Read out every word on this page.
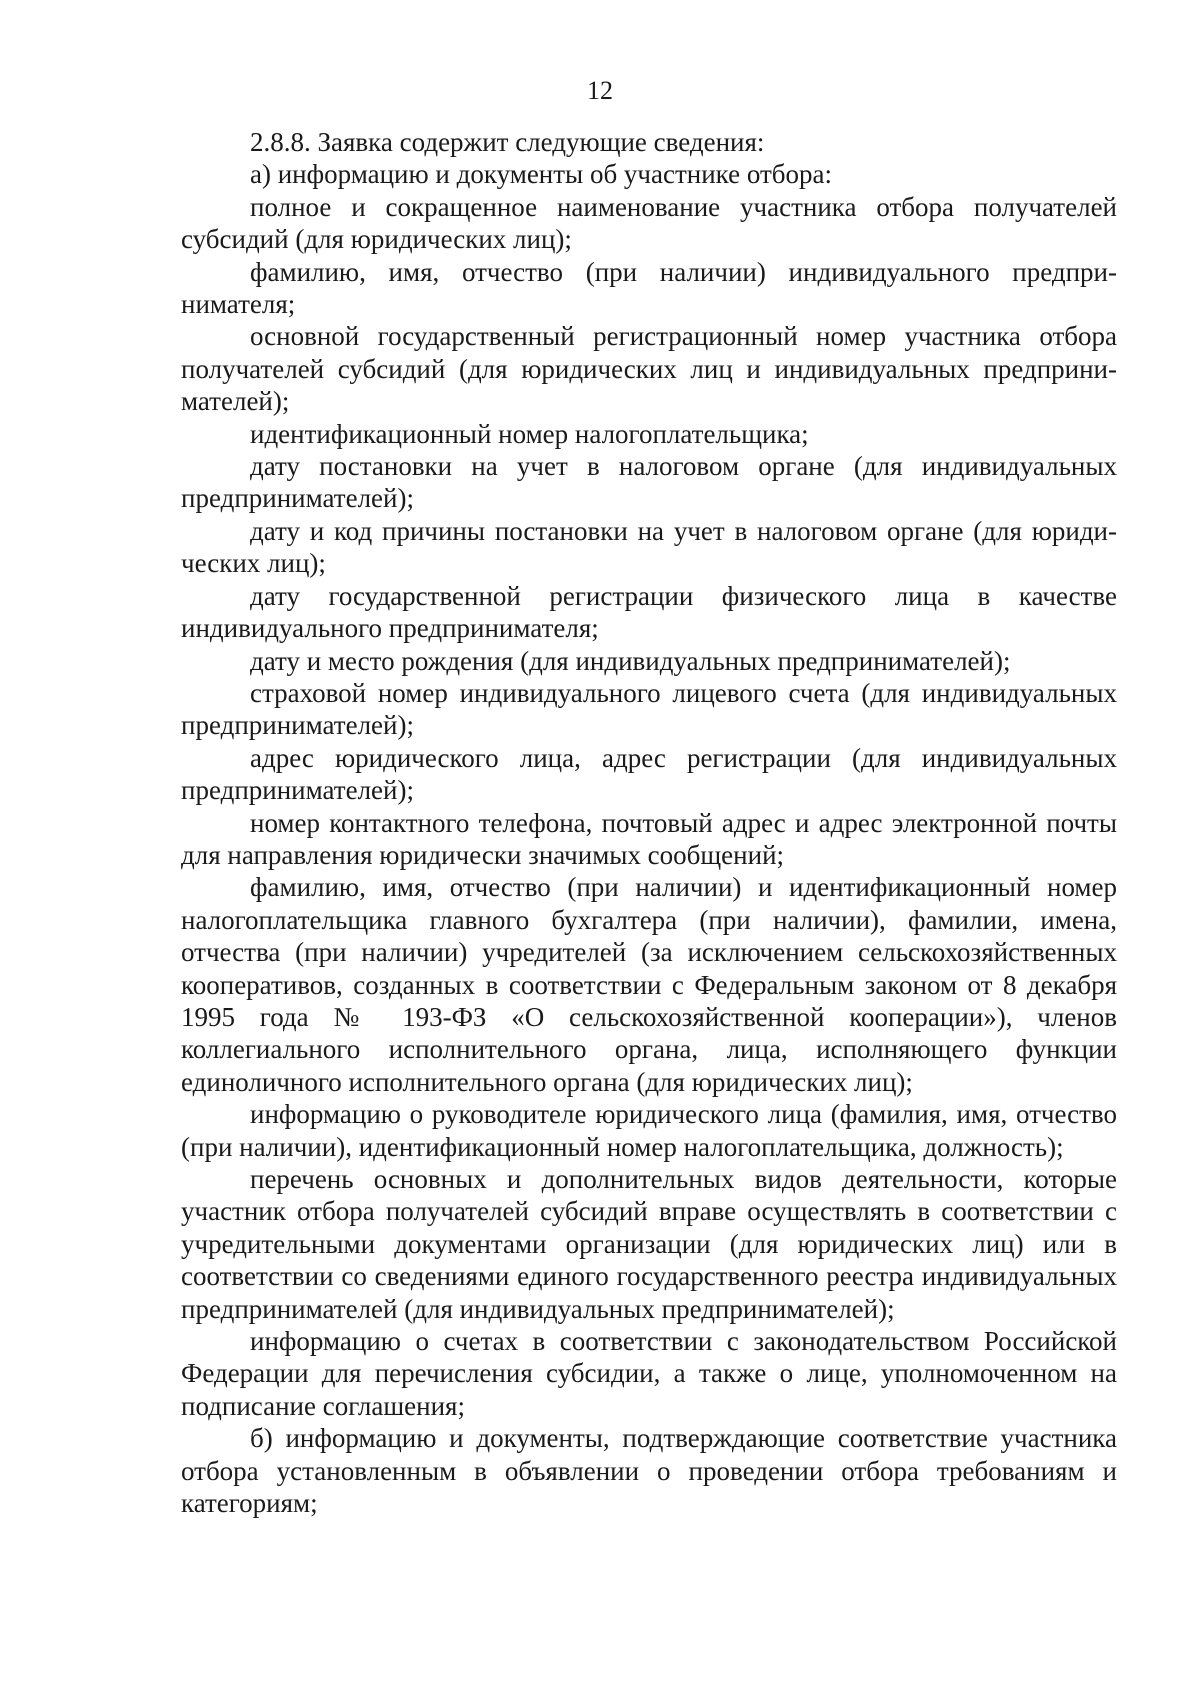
12

2.8.8. Заявка содержит следующие сведения:

а) информацию и документы об участнике отбора:

полное и сокращенное наименование участника отбора получателей субсидий (для юридических лиц);

фамилию, имя, отчество (при наличии) индивидуального предпринимателя;

основной государственный регистрационный номер участника отбора получателей субсидий (для юридических лиц и индивидуальных предпринимателей);

идентификационный номер налогоплательщика;

дату постановки на учет в налоговом органе (для индивидуальных предпринимателей);

дату и код причины постановки на учет в налоговом органе (для юридических лиц);

дату государственной регистрации физического лица в качестве индивидуального предпринимателя;

дату и место рождения (для индивидуальных предпринимателей);

страховой номер индивидуального лицевого счета (для индивидуальных предпринимателей);

адрес юридического лица, адрес регистрации (для индивидуальных предпринимателей);

номер контактного телефона, почтовый адрес и адрес электронной почты для направления юридически значимых сообщений;

фамилию, имя, отчество (при наличии) и идентификационный номер налогоплательщика главного бухгалтера (при наличии), фамилии, имена, отчества (при наличии) учредителей (за исключением сельскохозяйственных кооперативов, созданных в соответствии с Федеральным законом от 8 декабря 1995 года № 193-ФЗ «О сельскохозяйственной кооперации»), членов коллегиального исполнительного органа, лица, исполняющего функции единоличного исполнительного органа (для юридических лиц);

информацию о руководителе юридического лица (фамилия, имя, отчество (при наличии), идентификационный номер налогоплательщика, должность);

перечень основных и дополнительных видов деятельности, которые участник отбора получателей субсидий вправе осуществлять в соответствии с учредительными документами организации (для юридических лиц) или в соответствии со сведениями единого государственного реестра индивидуальных предпринимателей (для индивидуальных предпринимателей);

информацию о счетах в соответствии с законодательством Российской Федерации для перечисления субсидии, а также о лице, уполномоченном на подписание соглашения;

б) информацию и документы, подтверждающие соответствие участника отбора установленным в объявлении о проведении отбора требованиям и категориям;
